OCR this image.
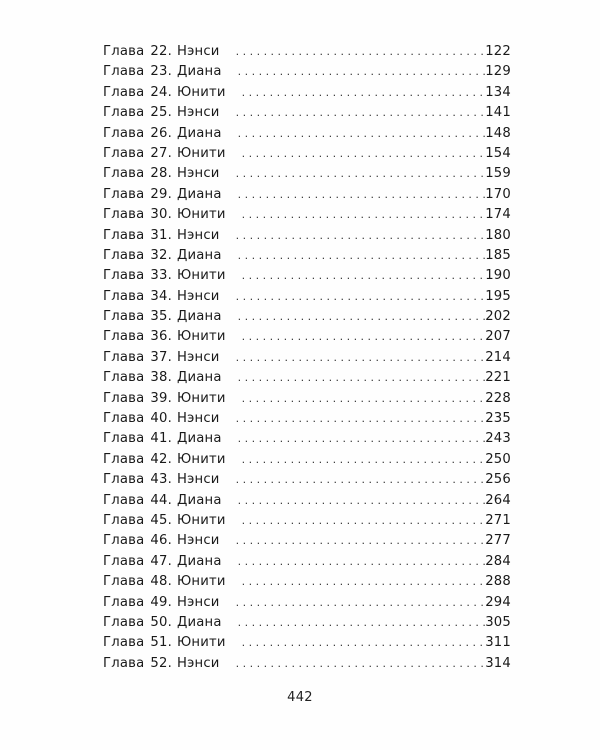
Глава 22. Нэнси . . .	122
Глава 23. Диана . . .	129
Глава 24. Юнити . . .	134
Глава 25. Нэнси . . .	141
Глава 26. Диана . . .	148
Глава 27. Юнити . . .	154
Глава 28. Нэнси . . .	159
Глава 29. Диана . . .	170
Глава 30. Юнити . . .	174
Глава 31. Нэнси . . .	180
Глава 32. Диана . . .	185
Глава 33. Юнити . . .	190
Глава 34. Нэнси . . .	195
Глава 35. Диана . . .	202
Глава 36. Юнити . . .	207
Глава 37. Нэнси . . .	214
Глава 38. Диана . . .	221
Глава 39. Юнити . . .	228
Глава 40. Нэнси . . .	235
Глава 41. Диана . . .	243
Глава 42. Юнити . . .	250
Глава 43. Нэнси . . .	256
Глава 44. Диана . . .	264
Глава 45. Юнити . . .	271
Глава 46. Нэнси . . .	277
Глава 47. Диана . . .	284
Глава 48. Юнити . . .	288
Глава 49. Нэнси . . .	294
Глава 50. Диана . . .	305
Глава 51. Юнити . . .	311
Глава 52. Нэнси . . .	314
442
